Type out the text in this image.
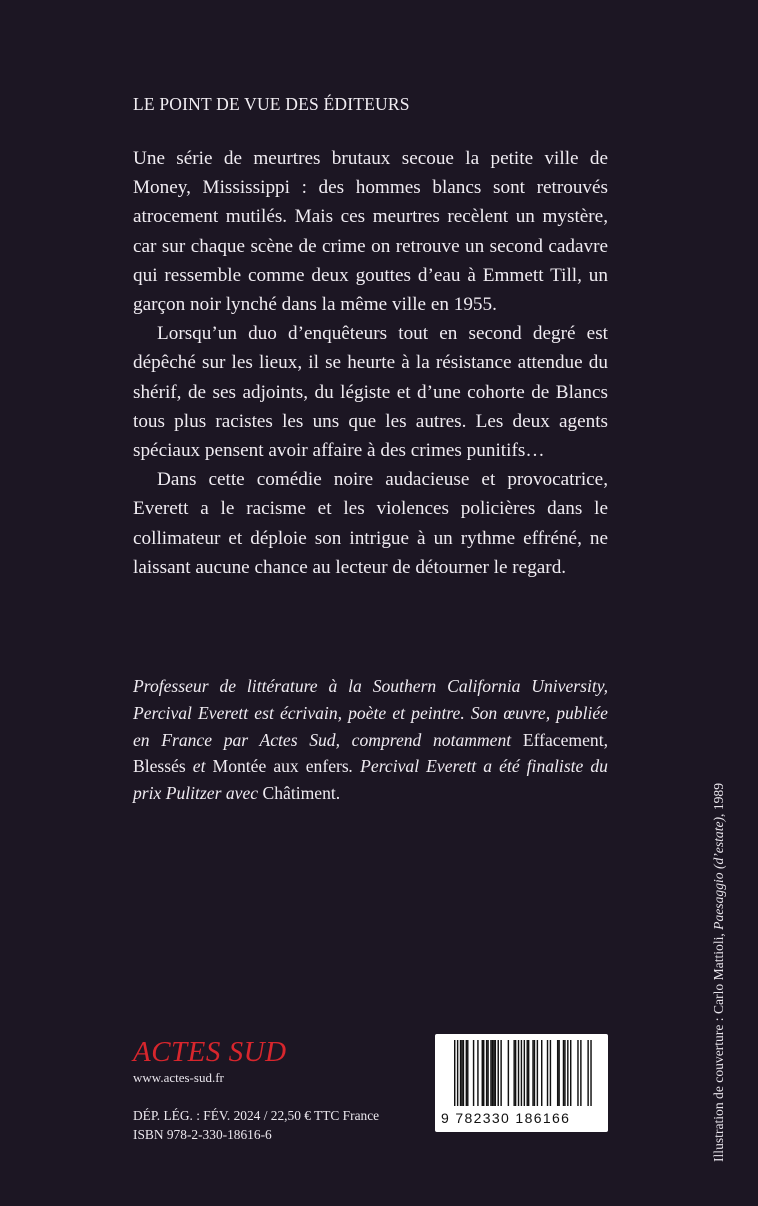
LE POINT DE VUE DES ÉDITEURS

Une série de meurtres brutaux secoue la petite ville de Money, Mississippi : des hommes blancs sont retrouvés atrocement mutilés. Mais ces meurtres recèlent un mystère, car sur chaque scène de crime on retrouve un second cadavre qui ressemble comme deux gouttes d’eau à Emmett Till, un garçon noir lynché dans la même ville en 1955.

Lorsqu’un duo d’enquêteurs tout en second degré est dépêché sur les lieux, il se heurte à la résistance attendue du shérif, de ses adjoints, du légiste et d’une cohorte de Blancs tous plus racistes les uns que les autres. Les deux agents spéciaux pensent avoir affaire à des crimes punitifs…

Dans cette comédie noire audacieuse et provocatrice, Everett a le racisme et les violences policières dans le collimateur et déploie son intrigue à un rythme effréné, ne laissant aucune chance au lecteur de détourner le regard.

Professeur de littérature à la Southern California University, Percival Everett est écrivain, poète et peintre. Son œuvre, publiée en France par Actes Sud, comprend notamment Effacement, Blessés et Montée aux enfers. Percival Everett a été finaliste du prix Pulitzer avec Châtiment.
Illustration de couverture : Carlo Mattioli, Paesaggio (d’estate), 1989
ACTES SUD
www.actes-sud.fr
DÉP. LÉG. : FÉV. 2024 / 22,50 € TTC France
ISBN 978-2-330-18616-6
9 782330 186166
